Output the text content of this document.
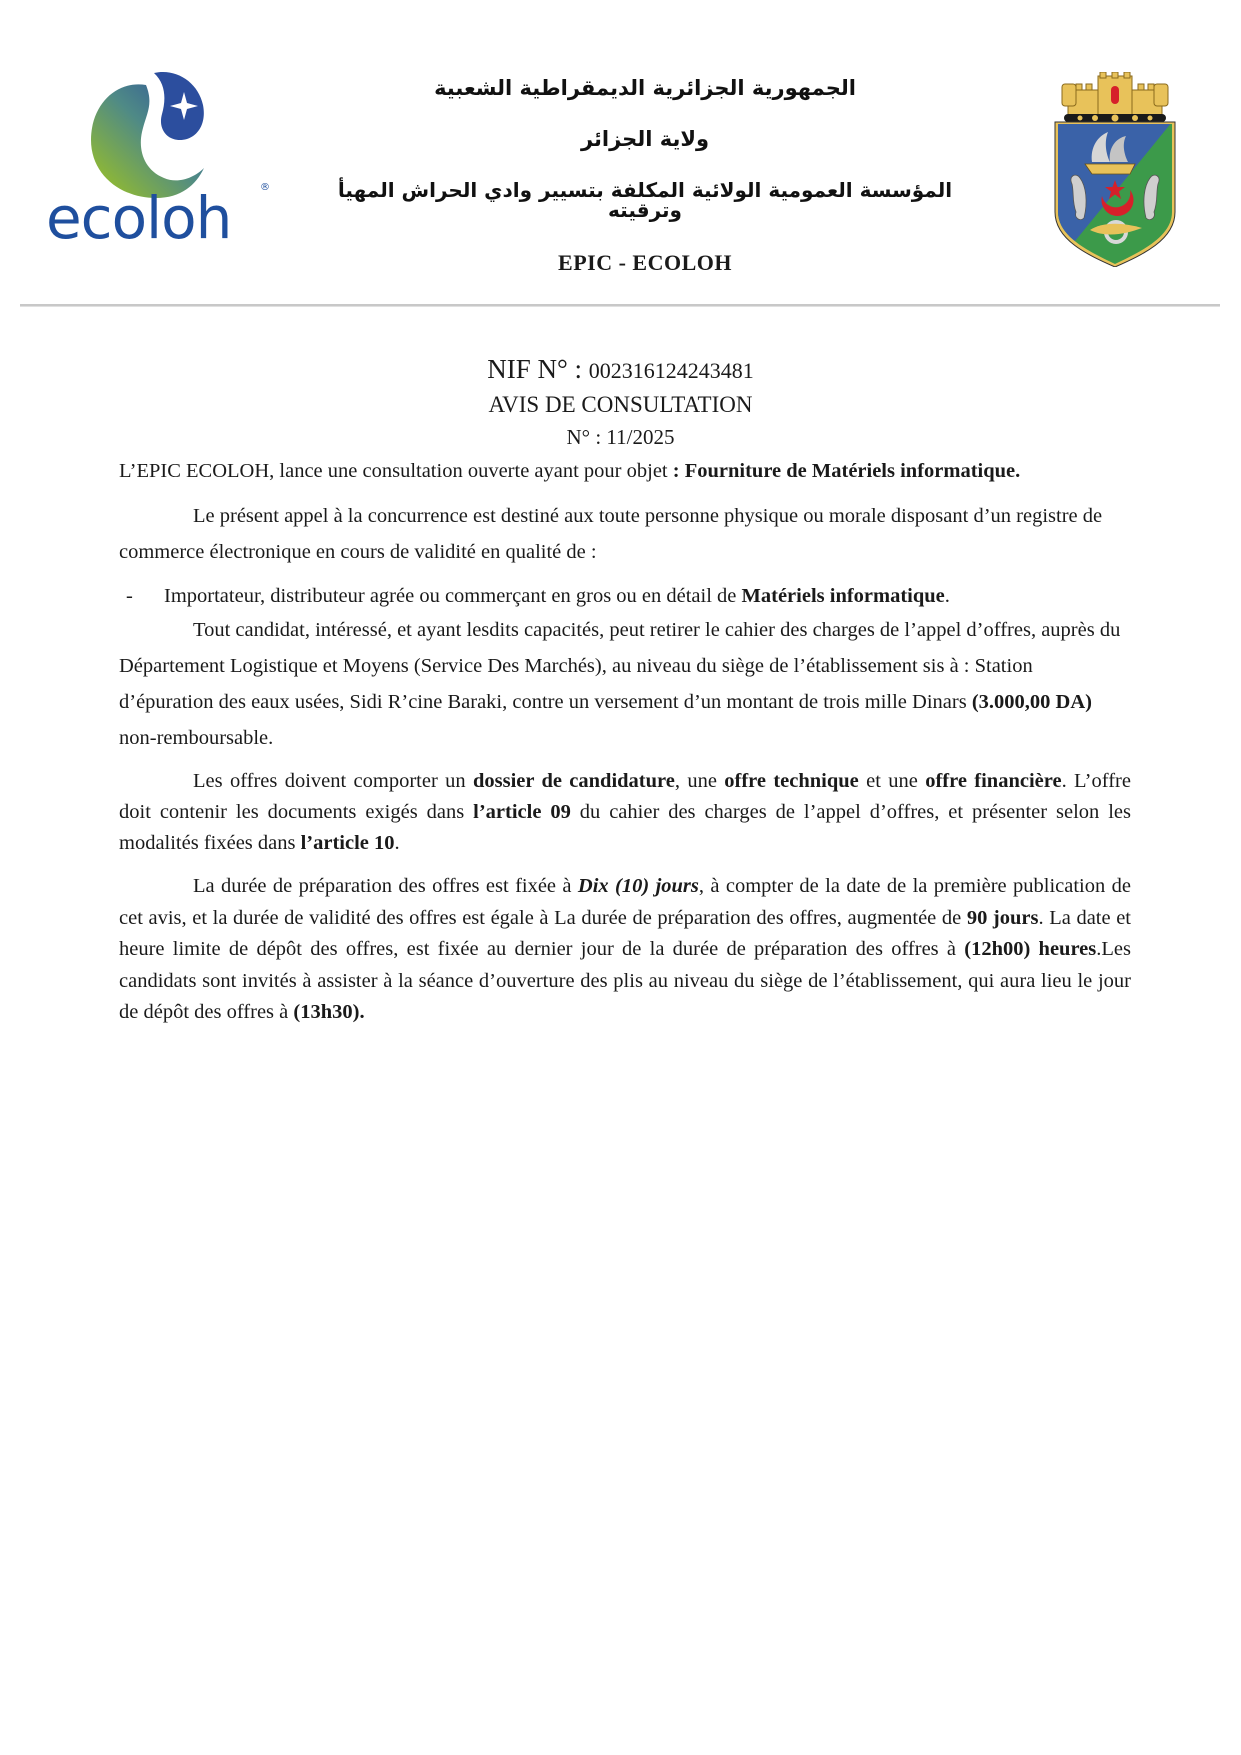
ecoloh	®
الجمهورية الجزائرية الديمقراطية الشعبية
ولاية الجزائر
المؤسسة العمومية الولائية المكلفة بتسيير وادي الحراش المهيأ وترقيته
EPIC - ECOLOH
NIF N° : 002316124243481
AVIS DE CONSULTATION
N° : 11/2025

L’EPIC ECOLOH, lance une consultation ouverte ayant pour objet : Fourniture de Matériels informatique.

Le présent appel à la concurrence est destiné aux toute personne physique ou morale disposant d’un registre de commerce électronique en cours de validité en qualité de :

- Importateur, distributeur agrée ou commerçant en gros ou en détail de Matériels informatique.

Tout candidat, intéressé, et ayant lesdits capacités, peut retirer le cahier des charges de l’appel d’offres, auprès du Département Logistique et Moyens (Service Des Marchés), au niveau du siège de l’établissement sis à : Station d’épuration des eaux usées, Sidi R’cine Baraki, contre un versement d’un montant de trois mille Dinars (3.000,00 DA) non-remboursable.

Les offres doivent comporter un dossier de candidature, une offre technique et une offre financière. L’offre doit contenir les documents exigés dans l’article 09 du cahier des charges de l’appel d’offres, et présenter selon les modalités fixées dans l’article 10.

La durée de préparation des offres est fixée à Dix (10) jours, à compter de la date de la première publication de cet avis, et la durée de validité des offres est égale à La durée de préparation des offres, augmentée de 90 jours. La date et heure limite de dépôt des offres, est fixée au dernier jour de la durée de préparation des offres à (12h00) heures.Les candidats sont invités à assister à la séance d’ouverture des plis au niveau du siège de l’établissement, qui aura lieu le jour de dépôt des offres à (13h30).
